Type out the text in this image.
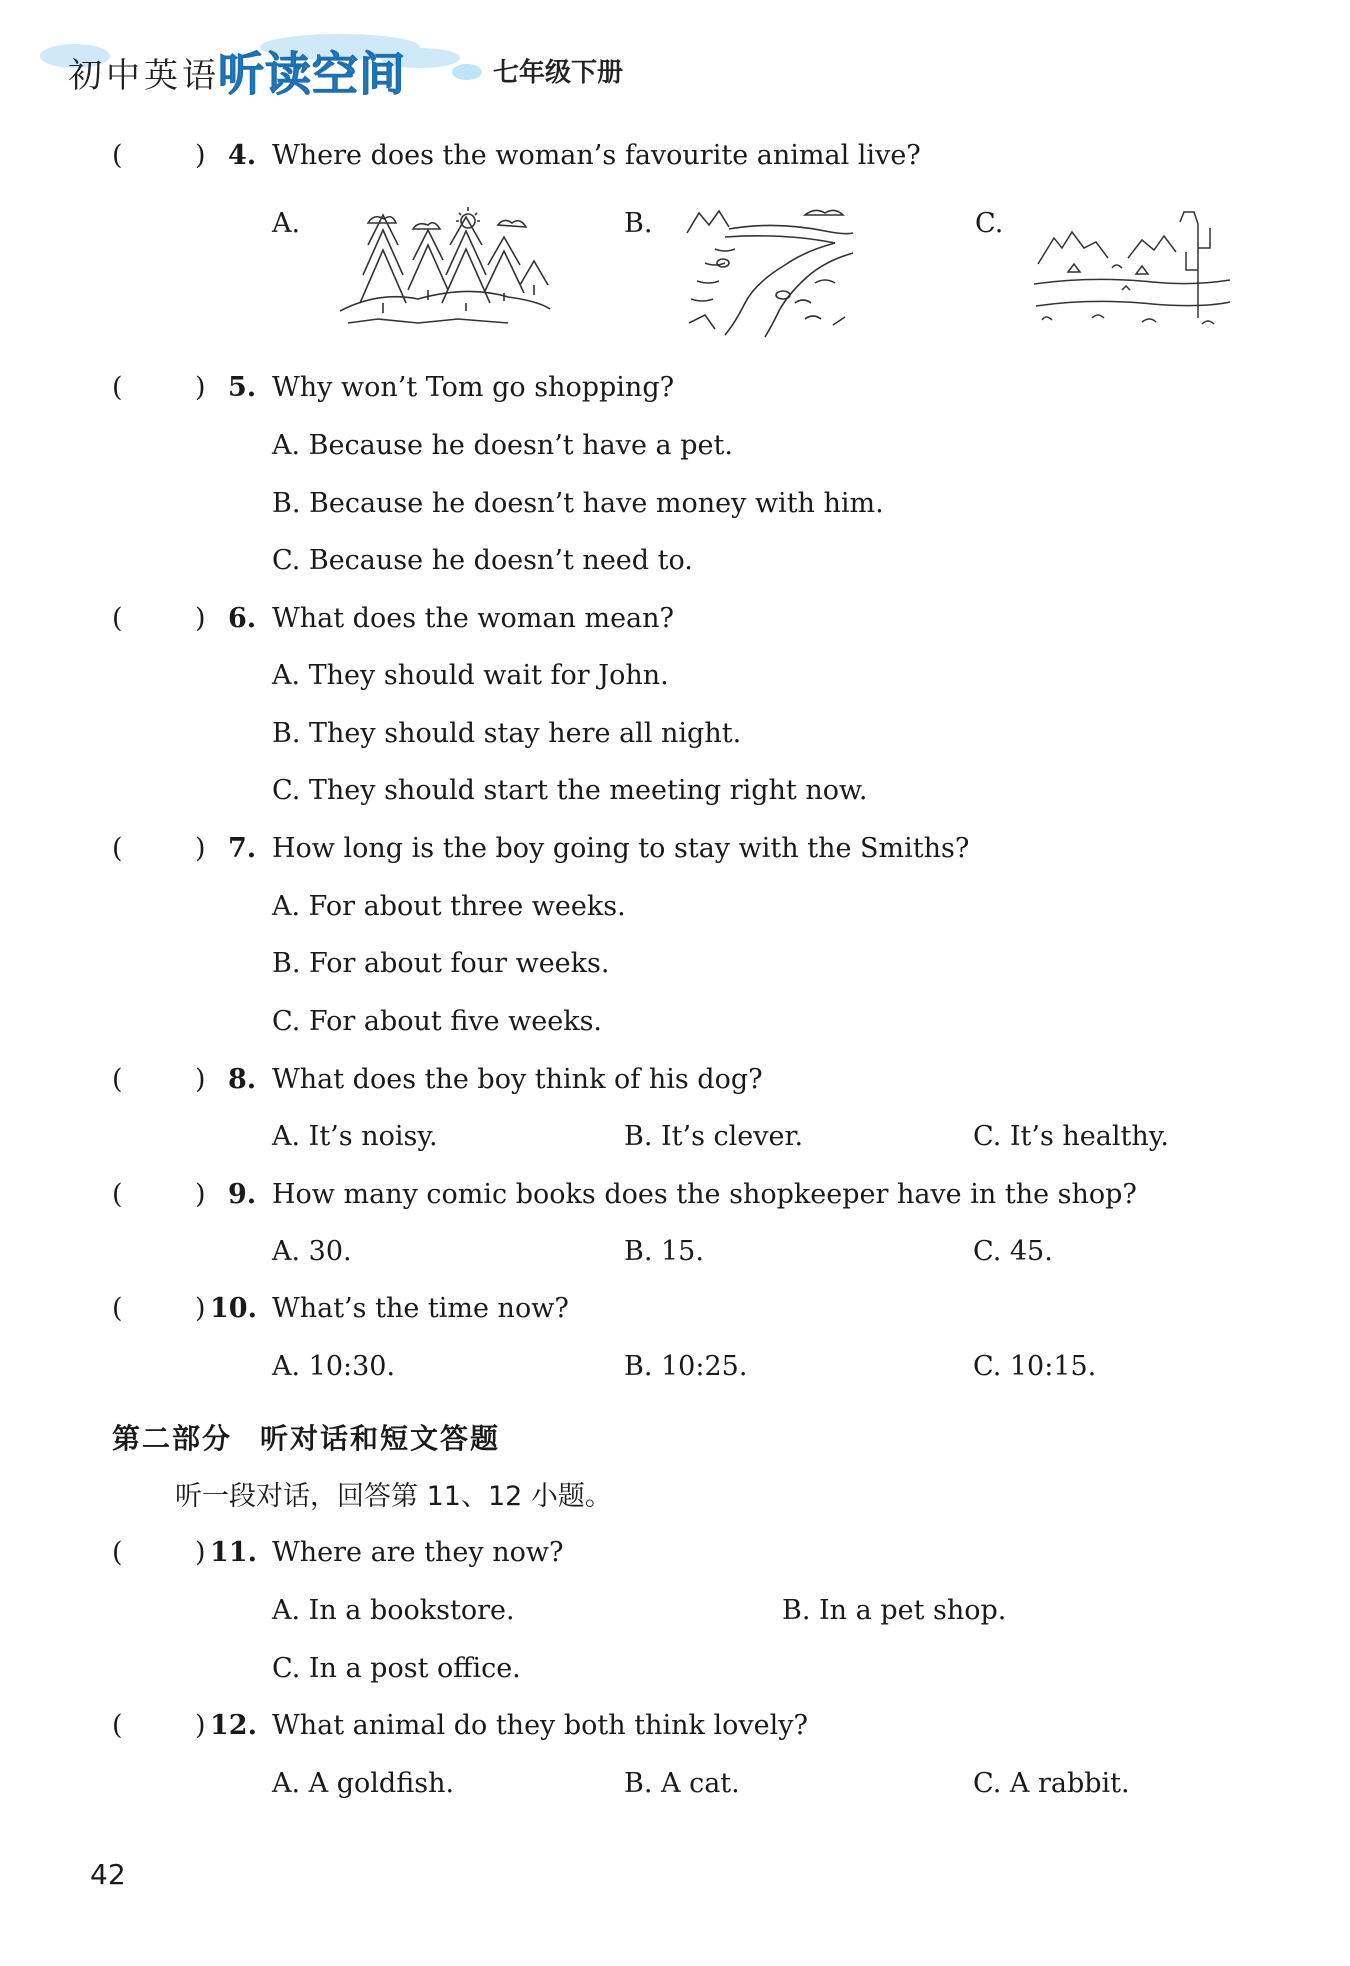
初中英语
听读空间	七年级下册
(	) 4. Where does the woman’s favourite animal live?
A.	B.	C.
(	) 5. Why won’t Tom go shopping?
A. Because he doesn’t have a pet.
B. Because he doesn’t have money with him.
C. Because he doesn’t need to.
(	) 6. What does the woman mean?
A. They should wait for John.
B. They should stay here all night.
C. They should start the meeting right now.
(	) 7. How long is the boy going to stay with the Smiths?
A. For about three weeks.
B. For about four weeks.
C. For about five weeks.
(	) 8. What does the boy think of his dog?
A. It’s noisy.	B. It’s clever.	C. It’s healthy.
(	) 9. How many comic books does the shopkeeper have in the shop?
A. 30.	B. 15.	C. 45.
(	) 10. What’s the time now?
A. 10:30.	B. 10:25.	C. 10:15.
第二部分 听对话和短文答题
听一段对话，回答第 11、12 小题。
(	) 11. Where are they now?
A. In a bookstore.	B. In a pet shop.
C. In a post office.
(	) 12. What animal do they both think lovely?
A. A goldfish.	B. A cat.	C. A rabbit.
42
